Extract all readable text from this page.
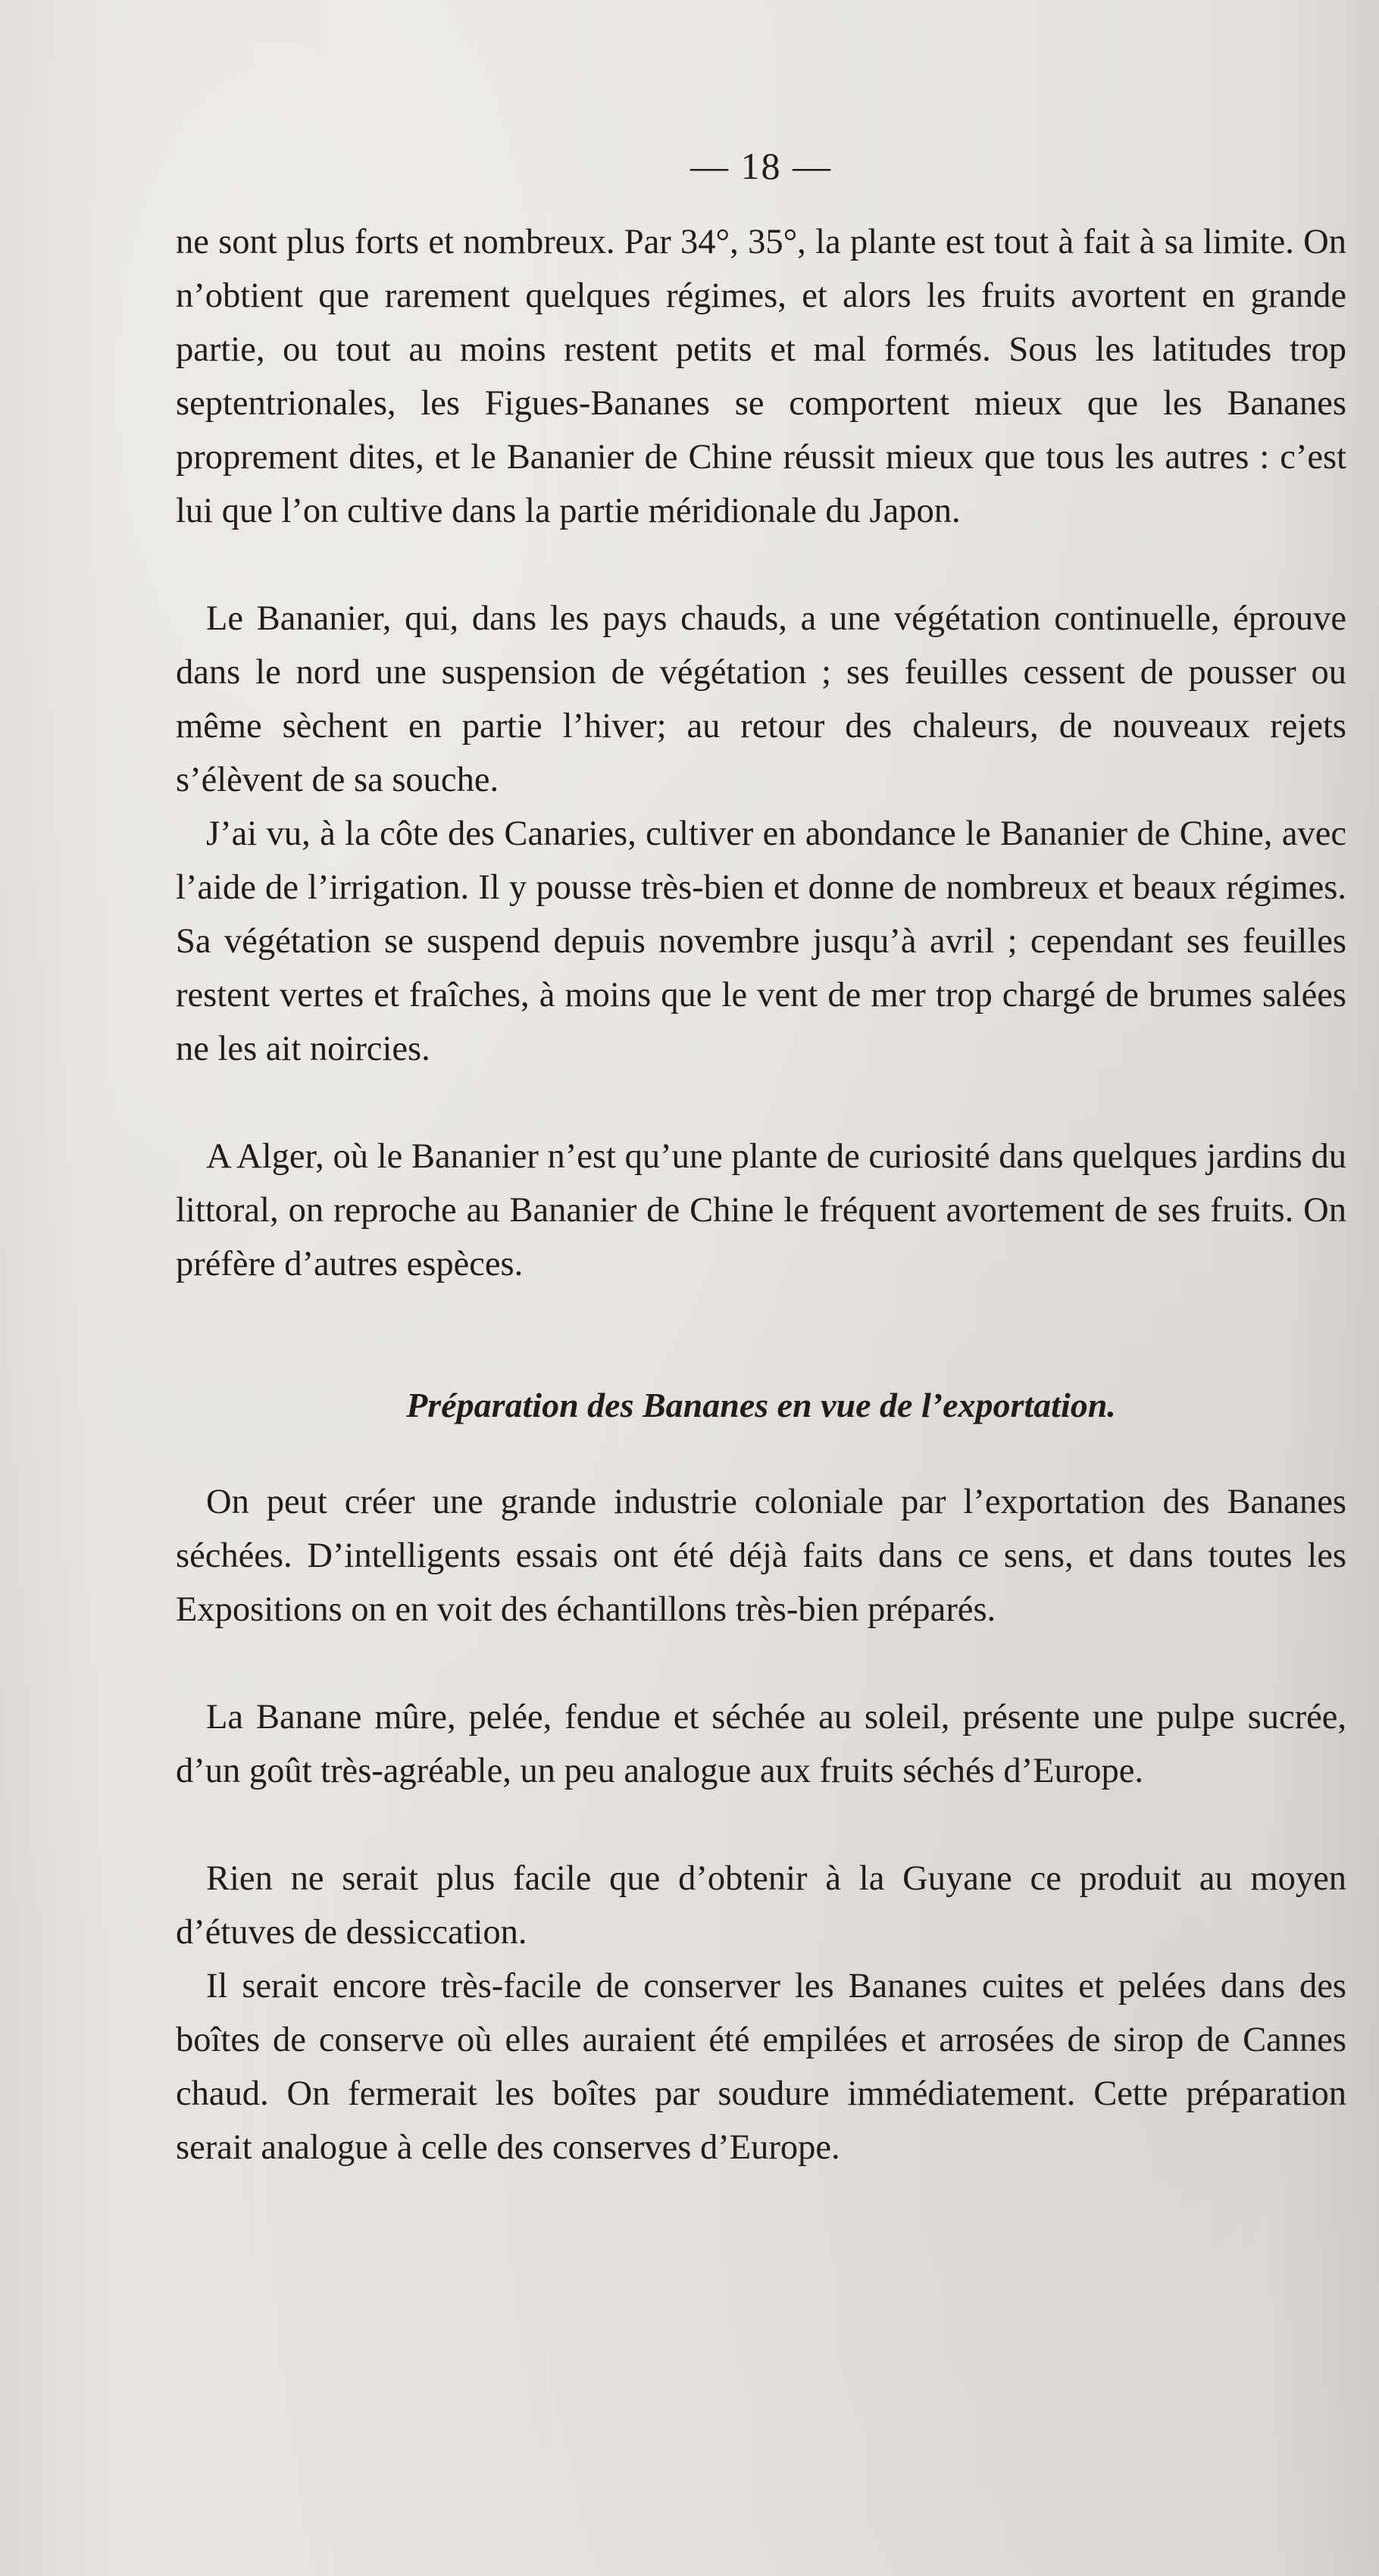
— 18 —

ne sont plus forts et nombreux. Par 34°, 35°, la plante est tout à fait à sa limite. On n’obtient que rarement quelques régimes, et alors les fruits avortent en grande partie, ou tout au moins restent petits et mal formés. Sous les latitudes trop septentrionales, les Figues-Bananes se comportent mieux que les Bananes proprement dites, et le Bananier de Chine réussit mieux que tous les autres : c’est lui que l’on cultive dans la partie méridionale du Japon.

Le Bananier, qui, dans les pays chauds, a une végétation continuelle, éprouve dans le nord une suspension de végétation ; ses feuilles cessent de pousser ou même sèchent en partie l’hiver; au retour des chaleurs, de nouveaux rejets s’élèvent de sa souche.

J’ai vu, à la côte des Canaries, cultiver en abondance le Bananier de Chine, avec l’aide de l’irrigation. Il y pousse très-bien et donne de nombreux et beaux régimes. Sa végétation se suspend depuis novembre jusqu’à avril ; cependant ses feuilles restent vertes et fraîches, à moins que le vent de mer trop chargé de brumes salées ne les ait noircies.

A Alger, où le Bananier n’est qu’une plante de curiosité dans quelques jardins du littoral, on reproche au Bananier de Chine le fréquent avortement de ses fruits. On préfère d’autres espèces.

Préparation des Bananes en vue de l’exportation.

On peut créer une grande industrie coloniale par l’exportation des Bananes séchées. D’intelligents essais ont été déjà faits dans ce sens, et dans toutes les Expositions on en voit des échantillons très-bien préparés.

La Banane mûre, pelée, fendue et séchée au soleil, présente une pulpe sucrée, d’un goût très-agréable, un peu analogue aux fruits séchés d’Europe.

Rien ne serait plus facile que d’obtenir à la Guyane ce produit au moyen d’étuves de dessiccation.

Il serait encore très-facile de conserver les Bananes cuites et pelées dans des boîtes de conserve où elles auraient été empilées et arrosées de sirop de Cannes chaud. On fermerait les boîtes par soudure immédiatement. Cette préparation serait analogue à celle des conserves d’Europe.
